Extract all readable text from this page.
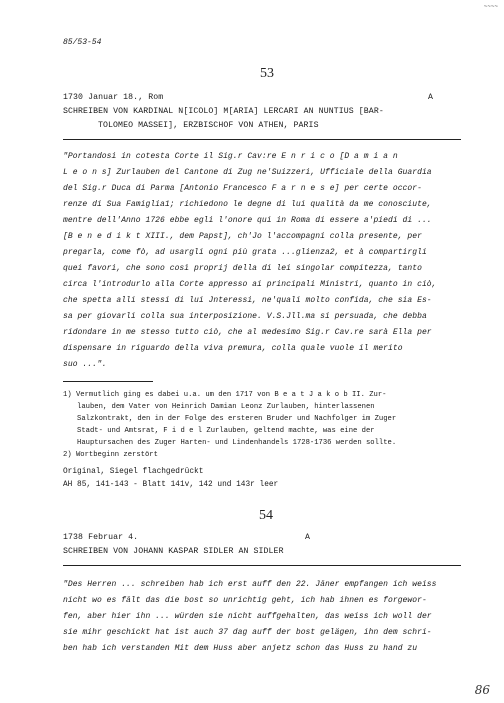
85/53-54
~~~~
53
1730 Januar 18., Rom	A
SCHREIBEN VON KARDINAL N[ICOLO] M[ARIA] LERCARI AN NUNTIUS [BAR-
TOLOMEO MASSEI], ERZBISCHOF VON ATHEN, PARIS
"Portandosi in cotesta Corte il Sig.r Cav:re E n r i c o [D a m i a n
L e o n s] Zurlauben del Cantone di Zug ne'Suizzeri, Ufficiale della Guardia
del Sig.r Duca di Parma [Antonio Francesco F a r n e s e] per certe occor-
renze di Sua Famiglia1; richiedono le degne di lui qualità da me conosciute,
mentre dell'Anno 1726 ebbe egli l'onore qui in Roma di essere a'piedi di ...
[B e n e d i k t XIII., dem Papst], ch'Jo l'accompagni colla presente, per
pregarla, come fò, ad usargli ogni più grata ...glienza2, et à compartirgli
quei favori, che sono così proprij della di lei singolar compitezza, tanto
circa l'introdurlo alla Corte appresso ai principali Ministri, quanto in ciò,
che spetta alli stessi di lui Jnteressi, ne'quali molto confida, che sia Es-
sa per giovarli colla sua interposizione. V.S.Jll.ma si persuada, che debba
ridondare in me stesso tutto ciò, che al medesimo Sig.r Cav.re sarà Ella per
dispensare in riguardo della viva premura, colla quale vuole il merito
suo ...".
1) Vermutlich ging es dabei u.a. um den 1717 von B e a t J a k o b II. Zur-
lauben, dem Vater von Heinrich Damian Leonz Zurlauben, hinterlassenen
Salzkontrakt, den in der Folge des ersteren Bruder und Nachfolger im Zuger
Stadt- und Amtsrat, F i d e l Zurlauben, geltend machte, was eine der
Hauptursachen des Zuger Harten- und Lindenhandels 1728-1736 werden sollte.
2) Wortbeginn zerstört
Original, Siegel flachgedrückt
AH 85, 141-143 - Blatt 141v, 142 und 143r leer
54
1738 Februar 4.	A
SCHREIBEN VON JOHANN KASPAR SIDLER AN SIDLER
"Des Herren ... schreiben hab ich erst auff den 22. Jäner empfangen ich weiss
nicht wo es fält das die bost so unrichtig geht, ich hab ihnen es forgewor-
fen, aber hier ihn ... würden sie nicht auffgehalten, das weiss ich woll der
sie mihr geschickt hat ist auch 37 dag auff der bost gelägen, ihn dem schri-
ben hab ich verstanden Mit dem Huss aber anjetz schon das Huss zu hand zu
86
